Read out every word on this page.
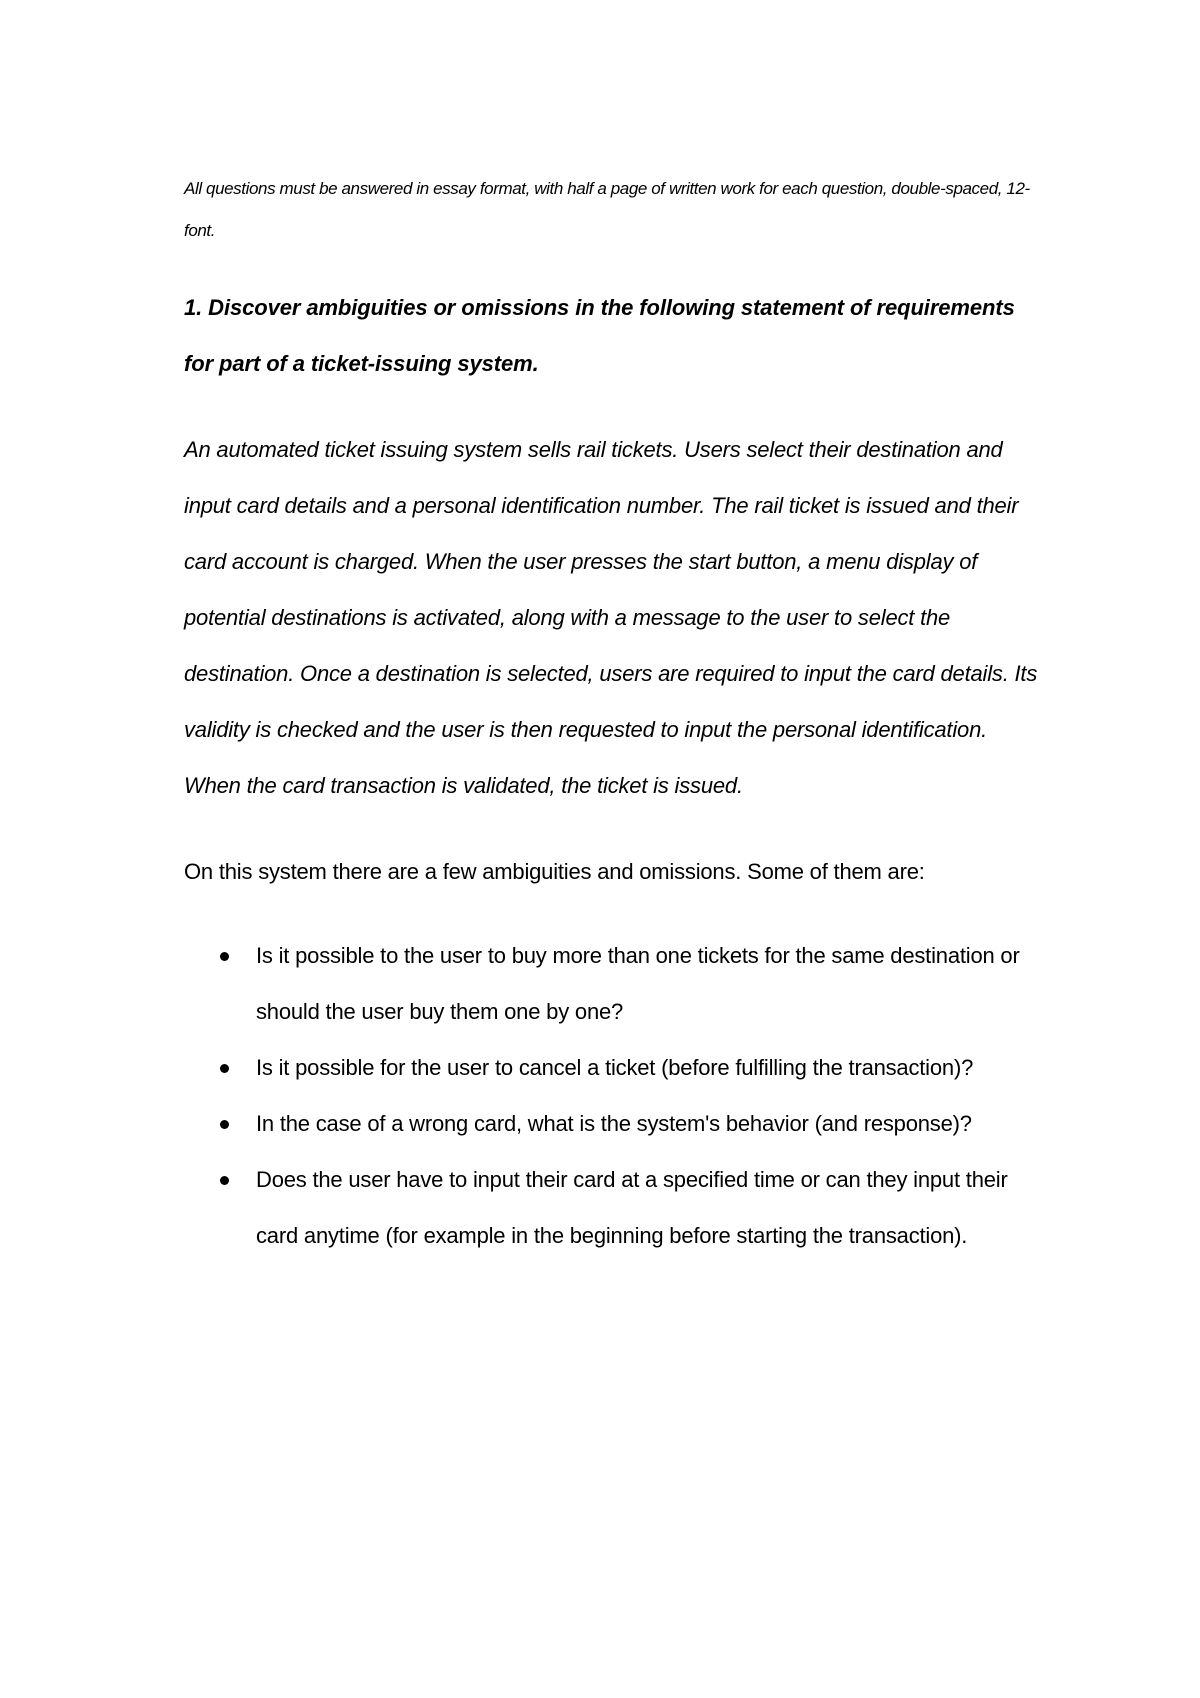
All questions must be answered in essay format, with half a page of written work for each question, double-spaced, 12-font.

1. Discover ambiguities or omissions in the following statement of requirements for part of a ticket-issuing system.

An automated ticket issuing system sells rail tickets. Users select their destination and input card details and a personal identification number. The rail ticket is issued and their card account is charged. When the user presses the start button, a menu display of potential destinations is activated, along with a message to the user to select the destination. Once a destination is selected, users are required to input the card details. Its validity is checked and the user is then requested to input the personal identification. When the card transaction is validated, the ticket is issued.

On this system there are a few ambiguities and omissions. Some of them are:

Is it possible to the user to buy more than one tickets for the same destination or should the user buy them one by one?
Is it possible for the user to cancel a ticket (before fulfilling the transaction)?
In the case of a wrong card, what is the system's behavior (and response)?
Does the user have to input their card at a specified time or can they input their card anytime (for example in the beginning before starting the transaction).
